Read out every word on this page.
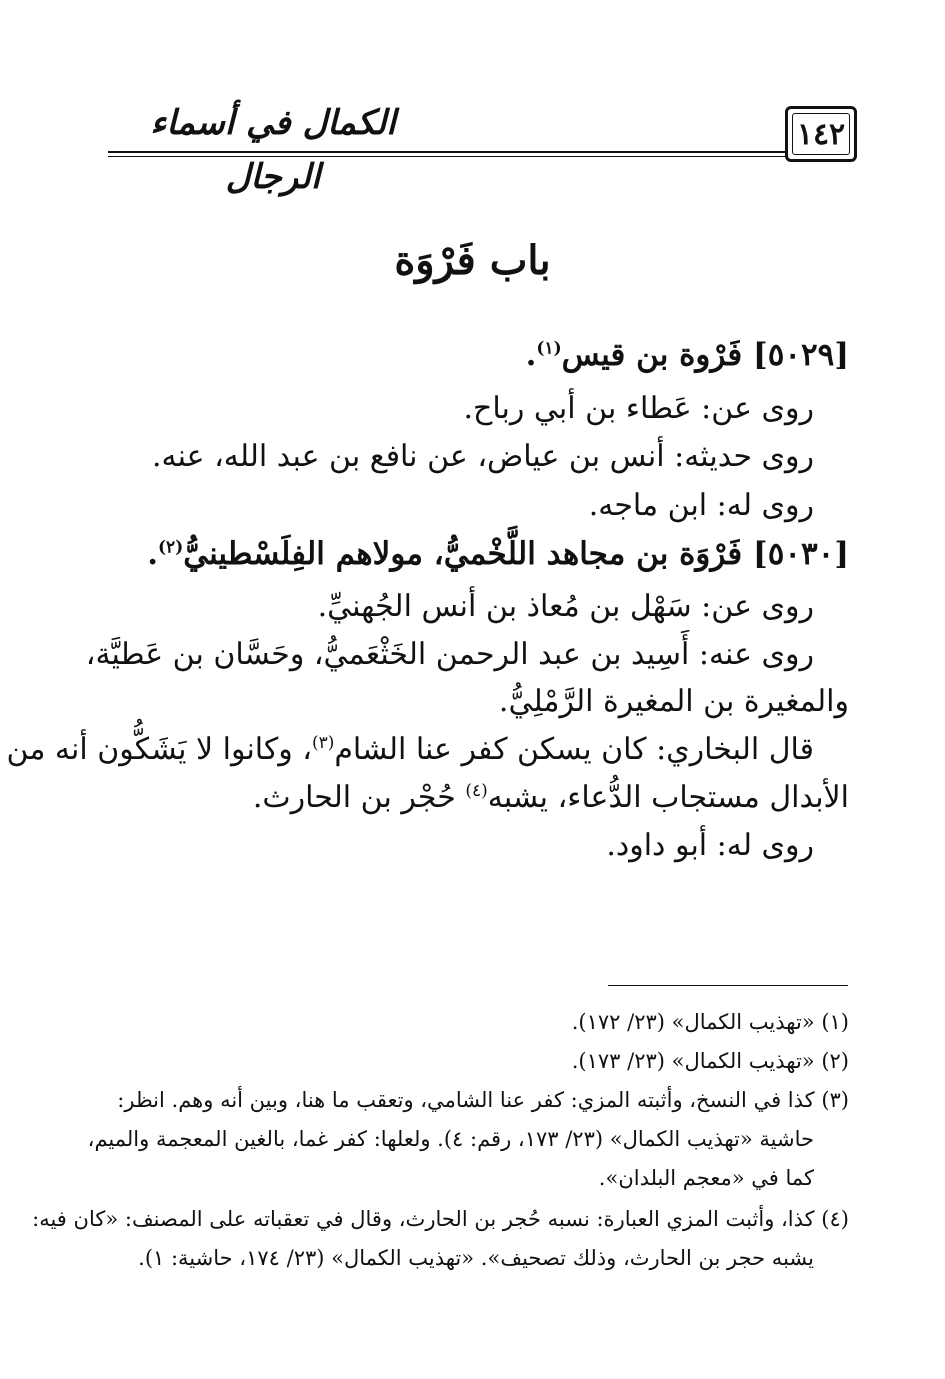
الكمال في أسماء الرجال
١٤٢
باب فَرْوَة
[٥٠٢٩] فَرْوة بن قيس$^{(١)}$.
روى عن: عَطاء بن أبي رباح.
روى حديثه: أنس بن عياض، عن نافع بن عبد الله، عنه.
روى له: ابن ماجه.
[٥٠٣٠] فَرْوَة بن مجاهد اللَّخْميُّ، مولاهم الفِلَسْطينيُّ$^{(٢)}$.
روى عن: سَهْل بن مُعاذ بن أنس الجُهنيِّ.
روى عنه: أَسِيد بن عبد الرحمن الخَثْعَميُّ، وحَسَّان بن عَطيَّة،
والمغيرة بن المغيرة الرَّمْلِيُّ.
قال البخاري: كان يسكن كفر عنا الشام$^{(٣)}$، وكانوا لا يَشَكُّون أنه من
الأبدال مستجاب الدُّعاء، يشبه$^{(٤)}$ حُجْر بن الحارث.
روى له: أبو داود.
(١) «تهذيب الكمال» (٢٣/ ١٧٢).
(٢) «تهذيب الكمال» (٢٣/ ١٧٣).
(٣) كذا في النسخ، وأثبته المزي: كفر عنا الشامي، وتعقب ما هنا، وبين أنه وهم. انظر:
حاشية «تهذيب الكمال» (٢٣/ ١٧٣، رقم: ٤). ولعلها: كفر غما، بالغين المعجمة والميم،
كما في «معجم البلدان».
(٤) كذا، وأثبت المزي العبارة: نسبه حُجر بن الحارث، وقال في تعقباته على المصنف: «كان فيه:
يشبه حجر بن الحارث، وذلك تصحيف». «تهذيب الكمال» (٢٣/ ١٧٤، حاشية: ١).
